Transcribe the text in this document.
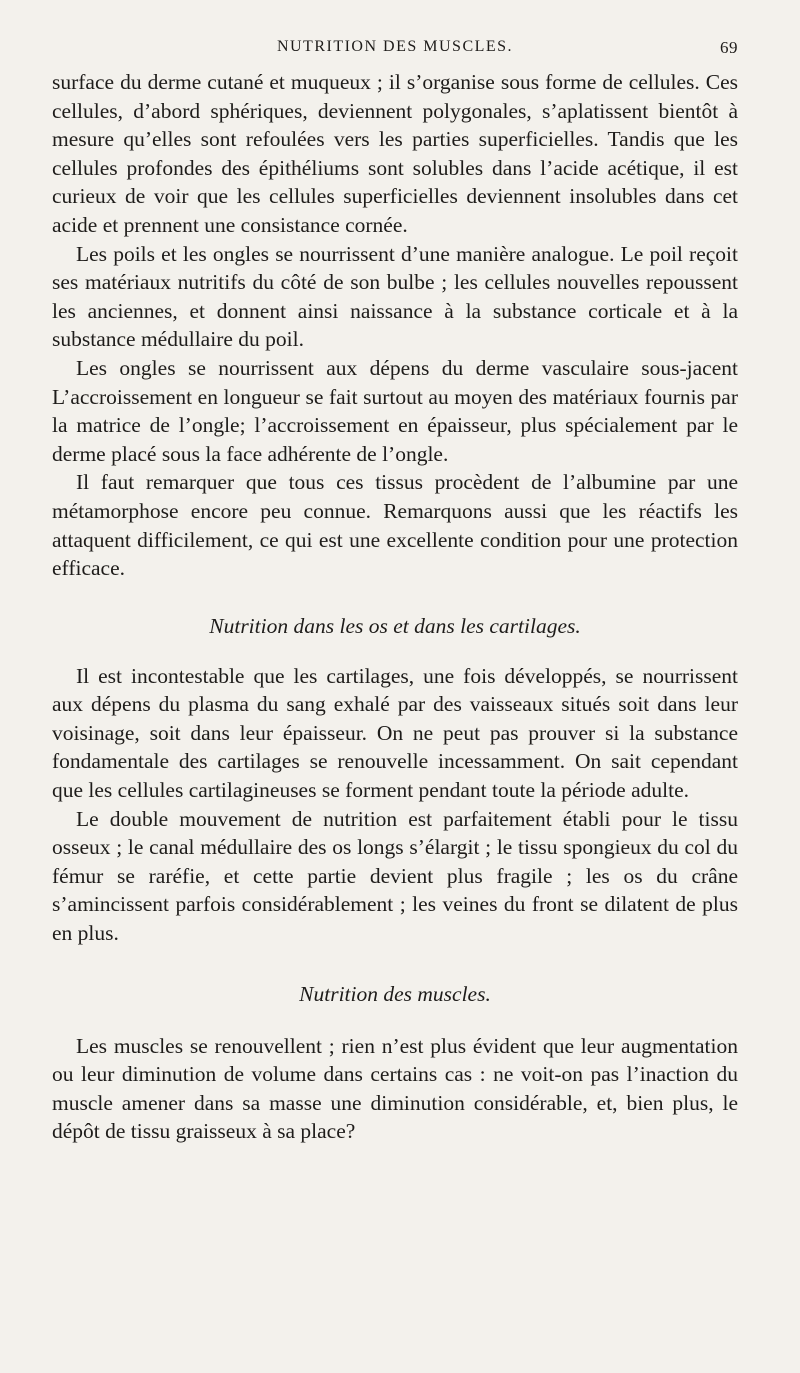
NUTRITION DES MUSCLES.	69

surface du derme cutané et muqueux ; il s’organise sous forme de cellules. Ces cellules, d’abord sphériques, deviennent polygonales, s’aplatissent bientôt à mesure qu’elles sont refoulées vers les parties superficielles. Tandis que les cellules profondes des épithéliums sont solubles dans l’acide acétique, il est curieux de voir que les cellules superficielles deviennent insolubles dans cet acide et prennent une consistance cornée.

Les poils et les ongles se nourrissent d’une manière analogue. Le poil reçoit ses matériaux nutritifs du côté de son bulbe ; les cellules nouvelles repoussent les anciennes, et donnent ainsi naissance à la substance corticale et à la substance médullaire du poil.

Les ongles se nourrissent aux dépens du derme vasculaire sous-jacent L’accroissement en longueur se fait surtout au moyen des matériaux fournis par la matrice de l’ongle; l’accroissement en épaisseur, plus spécialement par le derme placé sous la face adhérente de l’ongle.

Il faut remarquer que tous ces tissus procèdent de l’albumine par une métamorphose encore peu connue. Remarquons aussi que les réactifs les attaquent difficilement, ce qui est une excellente condition pour une protection efficace.

Nutrition dans les os et dans les cartilages.

Il est incontestable que les cartilages, une fois développés, se nourrissent aux dépens du plasma du sang exhalé par des vaisseaux situés soit dans leur voisinage, soit dans leur épaisseur. On ne peut pas prouver si la substance fondamentale des cartilages se renouvelle incessamment. On sait cependant que les cellules cartilagineuses se forment pendant toute la période adulte.

Le double mouvement de nutrition est parfaitement établi pour le tissu osseux ; le canal médullaire des os longs s’élargit ; le tissu spongieux du col du fémur se raréfie, et cette partie devient plus fragile ; les os du crâne s’amincissent parfois considérablement ; les veines du front se dilatent de plus en plus.

Nutrition des muscles.

Les muscles se renouvellent ; rien n’est plus évident que leur augmentation ou leur diminution de volume dans certains cas : ne voit-on pas l’inaction du muscle amener dans sa masse une diminution considérable, et, bien plus, le dépôt de tissu graisseux à sa place?
